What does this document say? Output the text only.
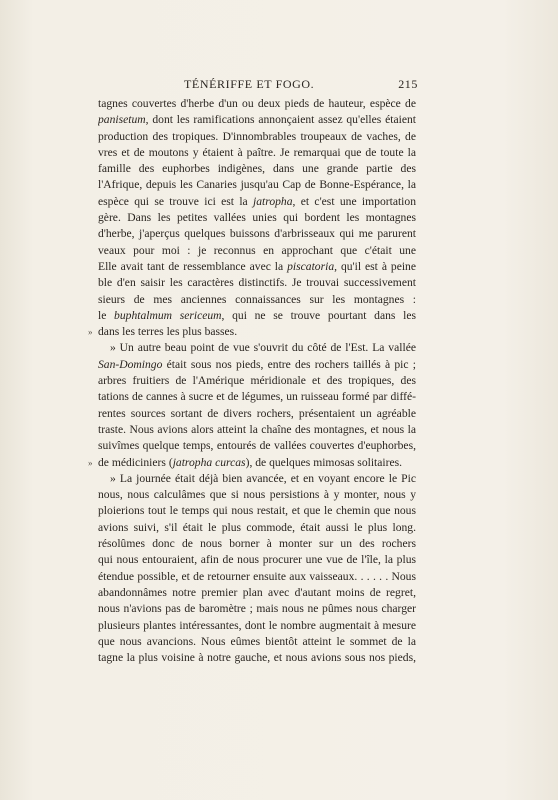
TÉNÉRIFFE ET FOGO.	215
tagnes couvertes d'herbe d'un ou deux pieds de hauteur, espèce de
panisetum, dont les ramifications annonçaient assez qu'elles étaient
production des tropiques. D'innombrables troupeaux de vaches, de
vres et de moutons y étaient à paître. Je remarquai que de toute la
famille des euphorbes indigènes, dans une grande partie des
l'Afrique, depuis les Canaries jusqu'au Cap de Bonne-Espérance, la
espèce qui se trouve ici est la jatropha, et c'est une importation
gère. Dans les petites vallées unies qui bordent les montagnes
d'herbe, j'aperçus quelques buissons d'arbrisseaux qui me parurent
veaux pour moi : je reconnus en approchant que c'était une
Elle avait tant de ressemblance avec la piscatoria, qu'il est à peine
ble d'en saisir les caractères distinctifs. Je trouvai successivement
sieurs de mes anciennes connaissances sur les montagnes :
le buphtalmum sericeum, qui ne se trouve pourtant dans les
» dans les terres les plus basses.
» Un autre beau point de vue s'ouvrit du côté de l'Est. La vallée
San-Domingo était sous nos pieds, entre des rochers taillés à pic ;
arbres fruitiers de l'Amérique méridionale et des tropiques, des
tations de cannes à sucre et de légumes, un ruisseau formé par diffé-
rentes sources sortant de divers rochers, présentaient un agréable
traste. Nous avions alors atteint la chaîne des montagnes, et nous la
suivîmes quelque temps, entourés de vallées couvertes d'euphorbes,
» de médiciniers (jatropha curcas), de quelques mimosas solitaires.
» La journée était déjà bien avancée, et en voyant encore le Pic
nous, nous calculâmes que si nous persistions à y monter, nous y
ploierions tout le temps qui nous restait, et que le chemin que nous
avions suivi, s'il était le plus commode, était aussi le plus long.
résolûmes donc de nous borner à monter sur un des rochers
qui nous entouraient, afin de nous procurer une vue de l'île, la plus
étendue possible, et de retourner ensuite aux vaisseaux. . . . . . Nous
abandonnâmes notre premier plan avec d'autant moins de regret,
nous n'avions pas de baromètre ; mais nous ne pûmes nous charger
plusieurs plantes intéressantes, dont le nombre augmentait à mesure
que nous avancions. Nous eûmes bientôt atteint le sommet de la
tagne la plus voisine à notre gauche, et nous avions sous nos pieds,
